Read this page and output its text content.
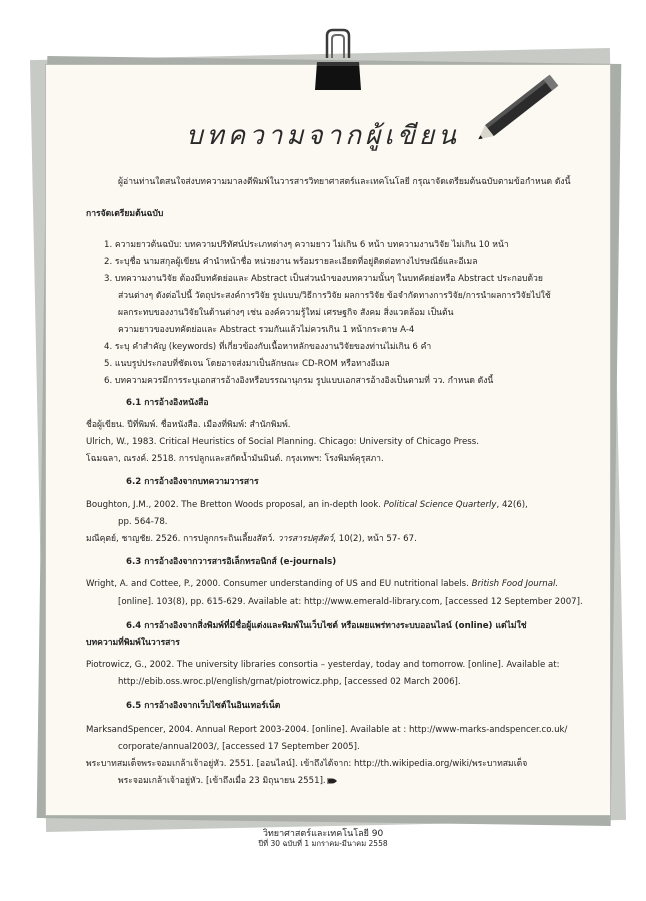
บทความจากผู้เขียน
ผู้อ่านท่านใดสนใจส่งบทความมาลงตีพิมพ์ในวารสารวิทยาศาสตร์และเทคโนโลยี กรุณาจัดเตรียมต้นฉบับตามข้อกำหนด ดังนี้
การจัดเตรียมต้นฉบับ
1. ความยาวต้นฉบับ: บทความปริทัศน์ประเภทต่างๆ ความยาว ไม่เกิน 6 หน้า บทความงานวิจัย ไม่เกิน 10 หน้า
2. ระบุชื่อ นามสกุลผู้เขียน คำนำหน้าชื่อ หน่วยงาน พร้อมรายละเอียดที่อยู่ติดต่อทางไปรษณีย์และอีเมล
3. บทความงานวิจัย ต้องมีบทคัดย่อและ Abstract เป็นส่วนนำของบทความนั้นๆ ในบทคัดย่อหรือ Abstract ประกอบด้วย
ส่วนต่างๆ ดังต่อไปนี้ วัตถุประสงค์การวิจัย รูปแบบ/วิธีการวิจัย ผลการวิจัย ข้อจำกัดทางการวิจัย/การนำผลการวิจัยไปใช้
ผลกระทบของงานวิจัยในด้านต่างๆ เช่น องค์ความรู้ใหม่ เศรษฐกิจ สังคม สิ่งแวดล้อม เป็นต้น
ความยาวของบทคัดย่อและ Abstract รวมกันแล้วไม่ควรเกิน 1 หน้ากระดาษ A-4
4. ระบุ คำสำคัญ (keywords) ที่เกี่ยวข้องกับเนื้อหาหลักของงานวิจัยของท่านไม่เกิน 6 คำ
5. แนบรูปประกอบที่ชัดเจน โดยอาจส่งมาเป็นลักษณะ CD-ROM หรือทางอีเมล
6. บทความควรมีการระบุเอกสารอ้างอิงหรือบรรณานุกรม รูปแบบเอกสารอ้างอิงเป็นตามที่ วว. กำหนด ดังนี้
6.1 การอ้างอิงหนังสือ
ชื่อผู้เขียน. ปีที่พิมพ์. ชื่อหนังสือ. เมืองที่พิมพ์: สำนักพิมพ์.
Ulrich, W., 1983. Critical Heuristics of Social Planning. Chicago: University of Chicago Press.
โฉมฉลา, ณรงค์. 2518. การปลูกและสกัดน้ำมันมินต์. กรุงเทพฯ: โรงพิมพ์คุรุสภา.
6.2 การอ้างอิงจากบทความวารสาร
Boughton, J.M., 2002. The Bretton Woods proposal, an in-depth look. Political Science Quarterly, 42(6),
pp. 564-78.
มณีคุตย์, ชาญชัย. 2526. การปลูกกระถินเลี้ยงสัตว์. วารสารปศุสัตว์, 10(2), หน้า 57- 67.
6.3 การอ้างอิงจากวารสารอิเล็กทรอนิกส์ (e-journals)
Wright, A. and Cottee, P., 2000. Consumer understanding of US and EU nutritional labels. British Food Journal.
[online]. 103(8), pp. 615-629. Available at: http://www.emerald-library.com, [accessed 12 September 2007].
6.4 การอ้างอิงจากสิ่งพิมพ์ที่มีชื่อผู้แต่งและพิมพ์ในเว็บไซต์ หรือเผยแพร่ทางระบบออนไลน์ (online) แต่ไม่ใช่
บทความที่พิมพ์ในวารสาร
Piotrowicz, G., 2002. The university libraries consortia – yesterday, today and tomorrow. [online]. Available at:
http://ebib.oss.wroc.pl/english/grnat/piotrowicz.php, [accessed 02 March 2006].
6.5 การอ้างอิงจากเว็บไซต์ในอินเทอร์เน็ต
MarksandSpencer, 2004. Annual Report 2003-2004. [online]. Available at : http://www-marks-andspencer.co.uk/
corporate/annual2003/, [accessed 17 September 2005].
พระบาทสมเด็จพระจอมเกล้าเจ้าอยู่หัว. 2551. [ออนไลน์]. เข้าถึงได้จาก: http://th.wikipedia.org/wiki/พระบาทสมเด็จ
พระจอมเกล้าเจ้าอยู่หัว. [เข้าถึงเมื่อ 23 มิถุนายน 2551].
วิทยาศาสตร์และเทคโนโลยี 90
ปีที่ 30 ฉบับที่ 1 มกราคม-มีนาคม 2558
